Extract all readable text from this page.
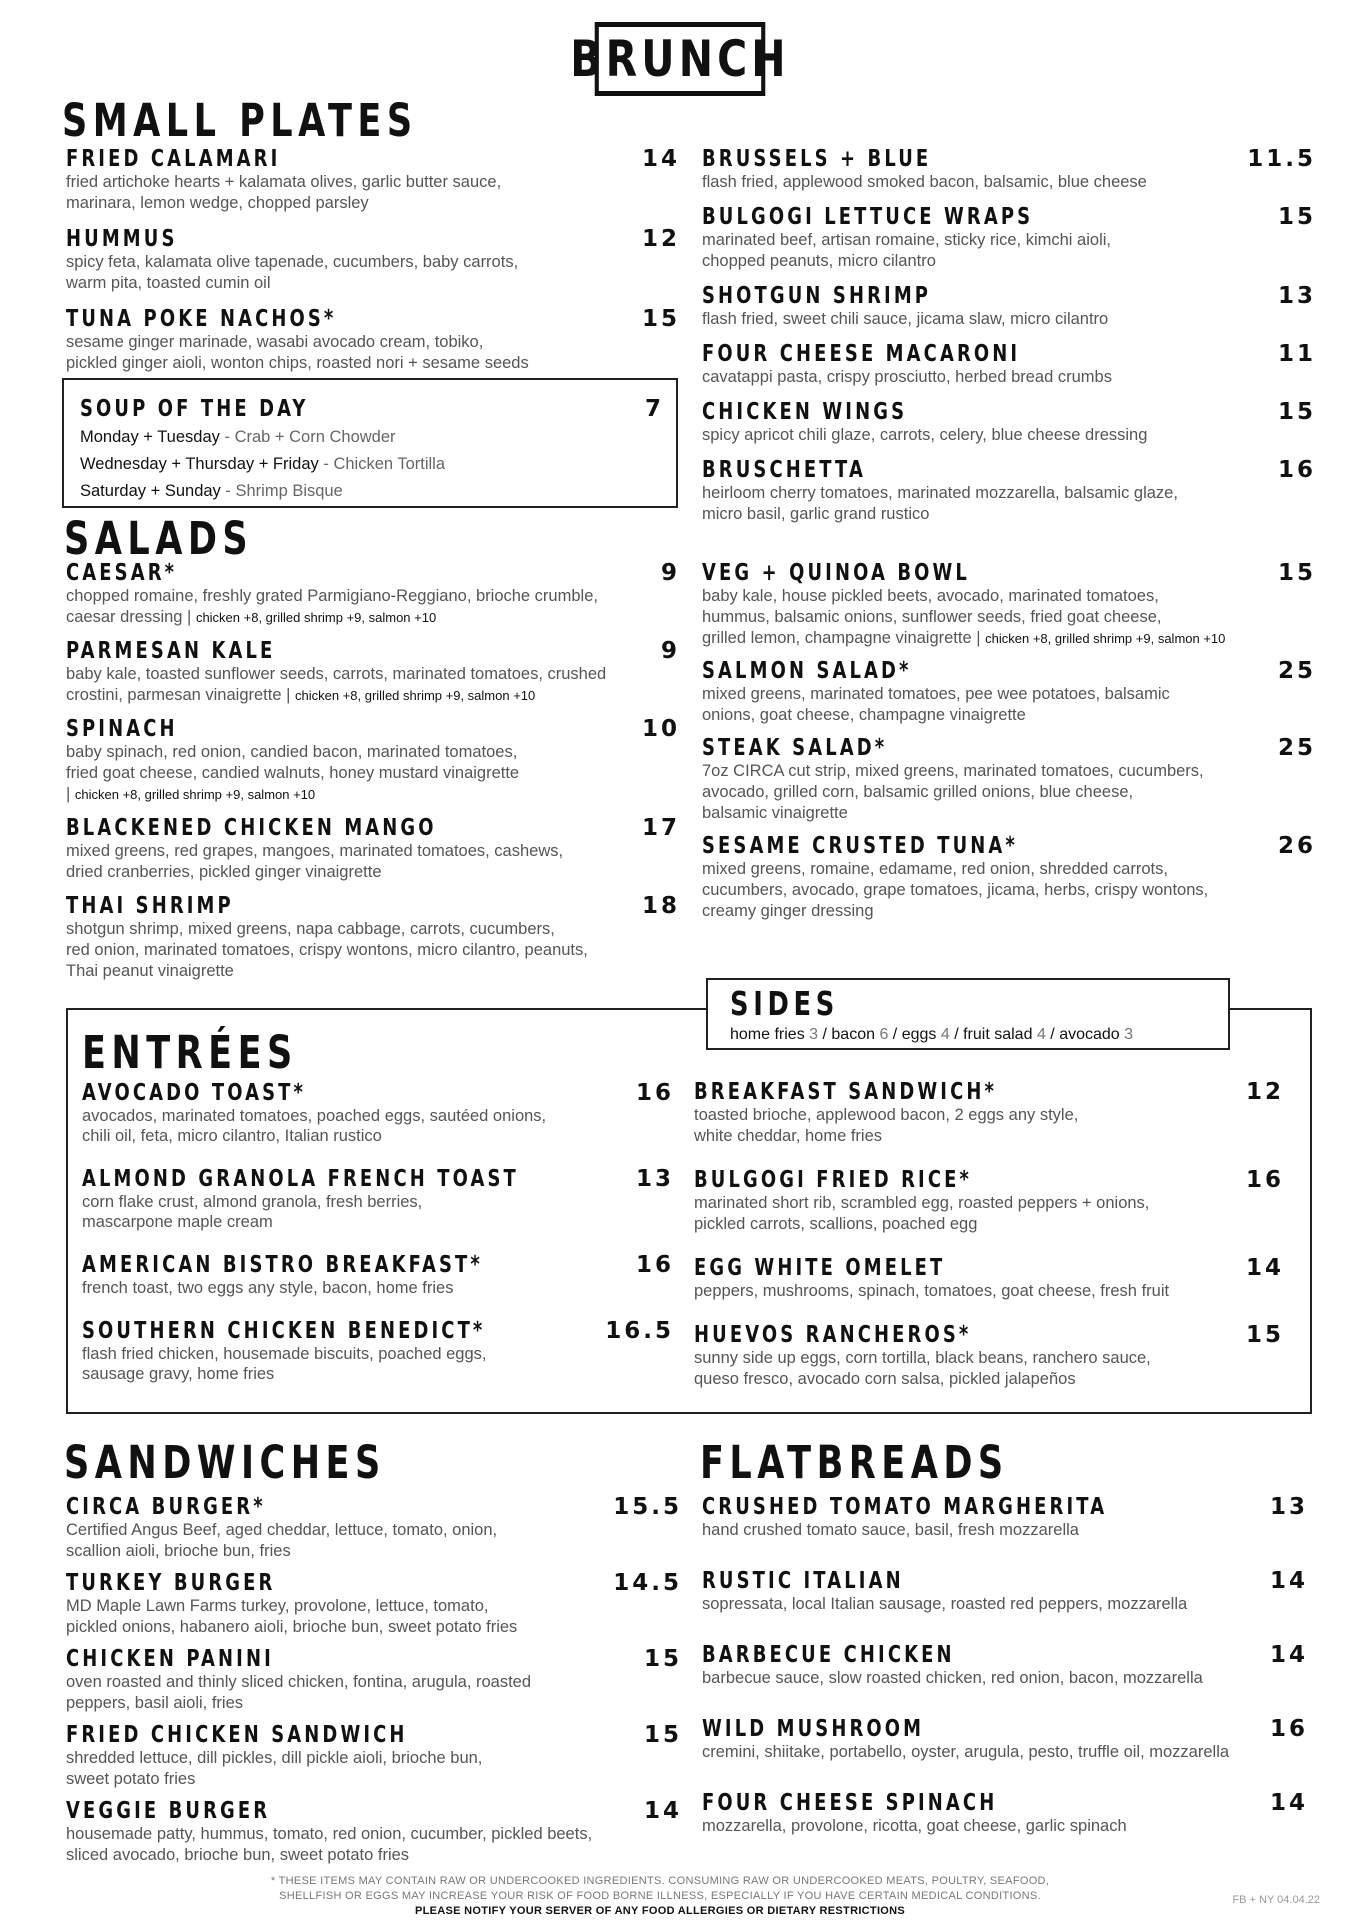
BRUNCH
SMALL PLATES
FRIED CALAMARI	14
fried artichoke hearts + kalamata olives, garlic butter sauce,
marinara, lemon wedge, chopped parsley
HUMMUS	12
spicy feta, kalamata olive tapenade, cucumbers, baby carrots,
warm pita, toasted cumin oil
TUNA POKE NACHOS*	15
sesame ginger marinade, wasabi avocado cream, tobiko,
pickled ginger aioli, wonton chips, roasted nori + sesame seeds
BRUSSELS + BLUE	11.5
flash fried, applewood smoked bacon, balsamic, blue cheese
BULGOGI LETTUCE WRAPS	15
marinated beef, artisan romaine, sticky rice, kimchi aioli,
chopped peanuts, micro cilantro
SHOTGUN SHRIMP	13
flash fried, sweet chili sauce, jicama slaw, micro cilantro
FOUR CHEESE MACARONI	11
cavatappi pasta, crispy prosciutto, herbed bread crumbs
CHICKEN WINGS	15
spicy apricot chili glaze, carrots, celery, blue cheese dressing
BRUSCHETTA	16
heirloom cherry tomatoes, marinated mozzarella, balsamic glaze,
micro basil, garlic grand rustico
SOUP OF THE DAY	7
Monday + Tuesday - Crab + Corn Chowder
Wednesday + Thursday + Friday - Chicken Tortilla
Saturday + Sunday - Shrimp Bisque
SALADS
CAESAR*	9
chopped romaine, freshly grated Parmigiano-Reggiano, brioche crumble,
caesar dressing | chicken +8, grilled shrimp +9, salmon +10
PARMESAN KALE	9
baby kale, toasted sunflower seeds, carrots, marinated tomatoes, crushed
crostini, parmesan vinaigrette | chicken +8, grilled shrimp +9, salmon +10
SPINACH	10
baby spinach, red onion, candied bacon, marinated tomatoes,
fried goat cheese, candied walnuts, honey mustard vinaigrette
| chicken +8, grilled shrimp +9, salmon +10
BLACKENED CHICKEN MANGO	17
mixed greens, red grapes, mangoes, marinated tomatoes, cashews,
dried cranberries, pickled ginger vinaigrette
THAI SHRIMP	18
shotgun shrimp, mixed greens, napa cabbage, carrots, cucumbers,
red onion, marinated tomatoes, crispy wontons, micro cilantro, peanuts,
Thai peanut vinaigrette
VEG + QUINOA BOWL	15
baby kale, house pickled beets, avocado, marinated tomatoes,
hummus, balsamic onions, sunflower seeds, fried goat cheese,
grilled lemon, champagne vinaigrette | chicken +8, grilled shrimp +9, salmon +10
SALMON SALAD*	25
mixed greens, marinated tomatoes, pee wee potatoes, balsamic
onions, goat cheese, champagne vinaigrette
STEAK SALAD*	25
7oz CIRCA cut strip, mixed greens, marinated tomatoes, cucumbers,
avocado, grilled corn, balsamic grilled onions, blue cheese,
balsamic vinaigrette
SESAME CRUSTED TUNA*	26
mixed greens, romaine, edamame, red onion, shredded carrots,
cucumbers, avocado, grape tomatoes, jicama, herbs, crispy wontons,
creamy ginger dressing
ENTRÉES
SIDES
home fries 3 / bacon 6 / eggs 4 / fruit salad 4 / avocado 3
AVOCADO TOAST*	16
avocados, marinated tomatoes, poached eggs, sautéed onions,
chili oil, feta, micro cilantro, Italian rustico
ALMOND GRANOLA FRENCH TOAST	13
corn flake crust, almond granola, fresh berries,
mascarpone maple cream
AMERICAN BISTRO BREAKFAST*	16
french toast, two eggs any style, bacon, home fries
SOUTHERN CHICKEN BENEDICT*	16.5
flash fried chicken, housemade biscuits, poached eggs,
sausage gravy, home fries
BREAKFAST SANDWICH*	12
toasted brioche, applewood bacon, 2 eggs any style,
white cheddar, home fries
BULGOGI FRIED RICE*	16
marinated short rib, scrambled egg, roasted peppers + onions,
pickled carrots, scallions, poached egg
EGG WHITE OMELET	14
peppers, mushrooms, spinach, tomatoes, goat cheese, fresh fruit
HUEVOS RANCHEROS*	15
sunny side up eggs, corn tortilla, black beans, ranchero sauce,
queso fresco, avocado corn salsa, pickled jalapeños
SANDWICHES
CIRCA BURGER*	15.5
Certified Angus Beef, aged cheddar, lettuce, tomato, onion,
scallion aioli, brioche bun, fries
TURKEY BURGER	14.5
MD Maple Lawn Farms turkey, provolone, lettuce, tomato,
pickled onions, habanero aioli, brioche bun, sweet potato fries
CHICKEN PANINI	15
oven roasted and thinly sliced chicken, fontina, arugula, roasted
peppers, basil aioli, fries
FRIED CHICKEN SANDWICH	15
shredded lettuce, dill pickles, dill pickle aioli, brioche bun,
sweet potato fries
VEGGIE BURGER	14
housemade patty, hummus, tomato, red onion, cucumber, pickled beets,
sliced avocado, brioche bun, sweet potato fries
FLATBREADS
CRUSHED TOMATO MARGHERITA	13
hand crushed tomato sauce, basil, fresh mozzarella
RUSTIC ITALIAN	14
sopressata, local Italian sausage, roasted red peppers, mozzarella
BARBECUE CHICKEN	14
barbecue sauce, slow roasted chicken, red onion, bacon, mozzarella
WILD MUSHROOM	16
cremini, shiitake, portabello, oyster, arugula, pesto, truffle oil, mozzarella
FOUR CHEESE SPINACH	14
mozzarella, provolone, ricotta, goat cheese, garlic spinach
* THESE ITEMS MAY CONTAIN RAW OR UNDERCOOKED INGREDIENTS. CONSUMING RAW OR UNDERCOOKED MEATS, POULTRY, SEAFOOD,
SHELLFISH OR EGGS MAY INCREASE YOUR RISK OF FOOD BORNE ILLNESS, ESPECIALLY IF YOU HAVE CERTAIN MEDICAL CONDITIONS.
PLEASE NOTIFY YOUR SERVER OF ANY FOOD ALLERGIES OR DIETARY RESTRICTIONS
FB + NY 04.04.22
